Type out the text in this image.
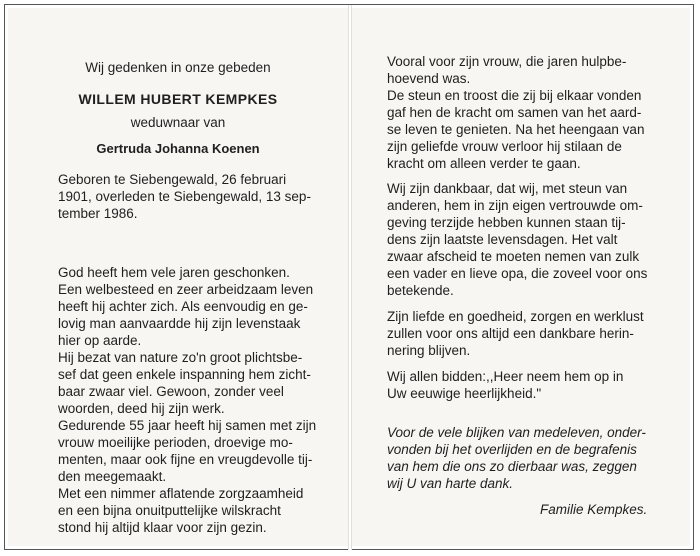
Wij gedenken in onze gebeden
WILLEM HUBERT KEMPKES
weduwnaar van
Gertruda Johanna Koenen
Geboren te Siebengewald, 26 februari
1901, overleden te Siebengewald, 13 sep-
tember 1986.
God heeft hem vele jaren geschonken.
Een welbesteed en zeer arbeidzaam leven
heeft hij achter zich. Als eenvoudig en ge-
lovig man aanvaardde hij zijn levenstaak
hier op aarde.
Hij bezat van nature zo'n groot plichtsbe-
sef dat geen enkele inspanning hem zicht-
baar zwaar viel. Gewoon, zonder veel
woorden, deed hij zijn werk.
Gedurende 55 jaar heeft hij samen met zijn
vrouw moeilijke perioden, droevige mo-
menten, maar ook fijne en vreugdevolle tij-
den meegemaakt.
Met een nimmer aflatende zorgzaamheid
en een bijna onuitputtelijke wilskracht
stond hij altijd klaar voor zijn gezin.
Vooral voor zijn vrouw, die jaren hulpbe-
hoevend was.
De steun en troost die zij bij elkaar vonden
gaf hen de kracht om samen van het aard-
se leven te genieten. Na het heengaan van
zijn geliefde vrouw verloor hij stilaan de
kracht om alleen verder te gaan.
Wij zijn dankbaar, dat wij, met steun van
anderen, hem in zijn eigen vertrouwde om-
geving terzijde hebben kunnen staan tij-
dens zijn laatste levensdagen. Het valt
zwaar afscheid te moeten nemen van zulk
een vader en lieve opa, die zoveel voor ons
betekende.
Zijn liefde en goedheid, zorgen en werklust
zullen voor ons altijd een dankbare herin-
nering blijven.
Wij allen bidden:,,Heer neem hem op in
Uw eeuwige heerlijkheid."
Voor de vele blijken van medeleven, onder-
vonden bij het overlijden en de begrafenis
van hem die ons zo dierbaar was, zeggen
wij U van harte dank.
Familie Kempkes.
